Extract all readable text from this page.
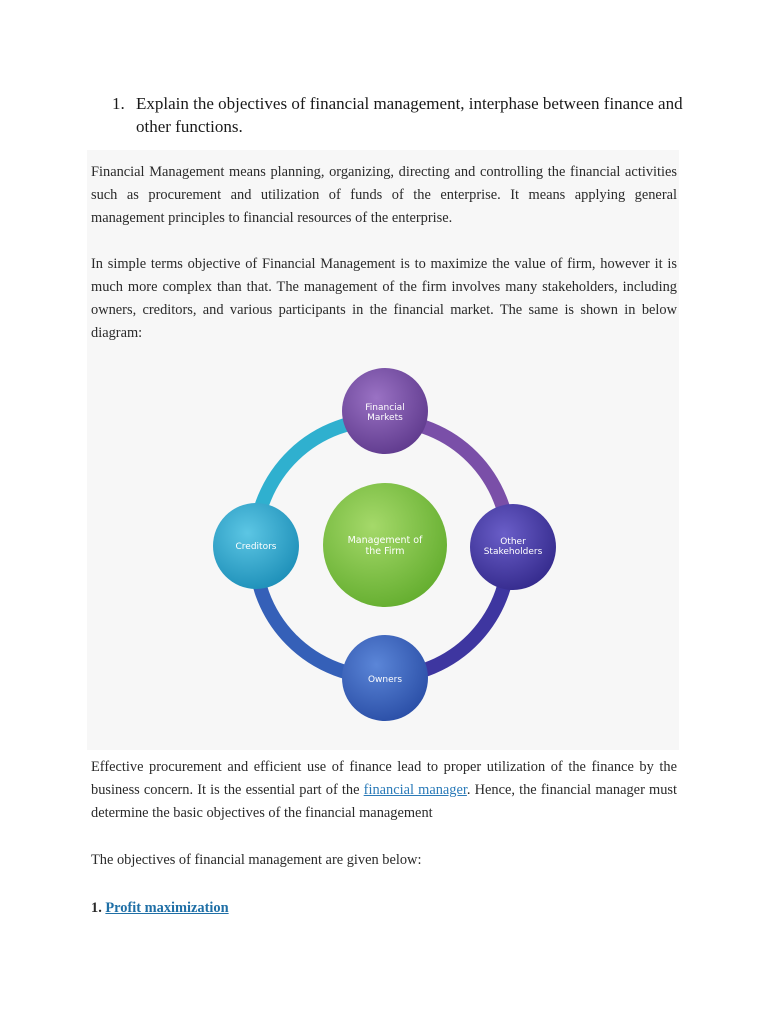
1. Explain the objectives of financial management, interphase between finance and other functions.

Financial Management means planning, organizing, directing and controlling the financial activities such as procurement and utilization of funds of the enterprise. It means applying general management principles to financial resources of the enterprise.

In simple terms objective of Financial Management is to maximize the value of firm, however it is much more complex than that. The management of the firm involves many stakeholders, including owners, creditors, and various participants in the financial market. The same is shown in below diagram:

Management of
the Firm
Financial
Markets
Other
Stakeholders
Owners
Creditors

Effective procurement and efficient use of finance lead to proper utilization of the finance by the business concern. It is the essential part of the financial manager. Hence, the financial manager must determine the basic objectives of the financial management

The objectives of financial management are given below:

1. Profit maximization
